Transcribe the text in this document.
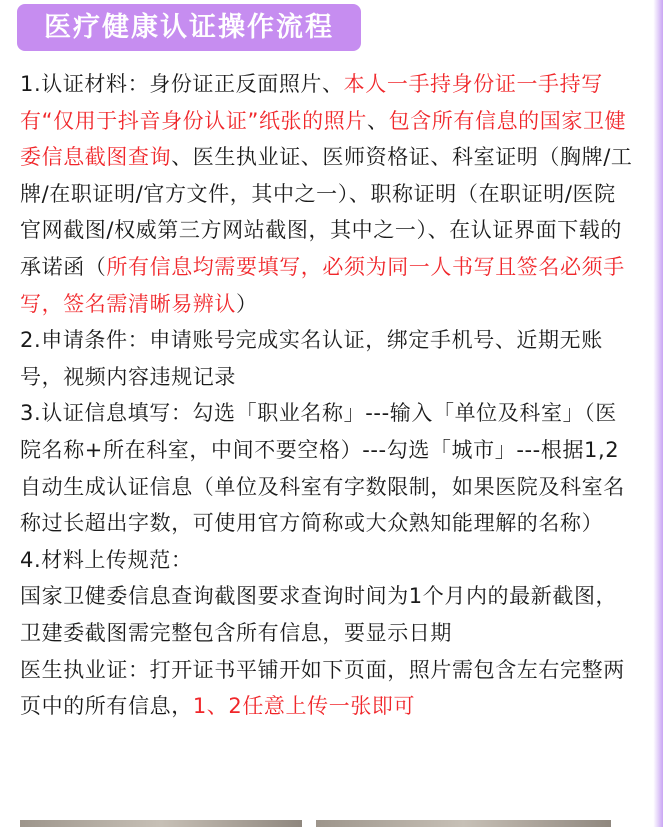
医疗健康认证操作流程

1.认证材料：身份证正反面照片、本人一手持身份证一手持写有“仅用于抖音身份认证”纸张的照片、包含所有信息的国家卫健委信息截图查询、医生执业证、医师资格证、科室证明（胸牌/工牌/在职证明/官方文件，其中之一）、职称证明（在职证明/医院官网截图/权威第三方网站截图，其中之一）、在认证界面下载的承诺函（所有信息均需要填写，必须为同一人书写且签名必须手写，签名需清晰易辨认）

2.申请条件：申请账号完成实名认证，绑定手机号、近期无账号，视频内容违规记录

3.认证信息填写：勾选「职业名称」---输入「单位及科室」（医院名称+所在科室，中间不要空格）---勾选「城市」---根据1,2自动生成认证信息（单位及科室有字数限制，如果医院及科室名称过长超出字数，可使用官方简称或大众熟知能理解的名称）

4.材料上传规范：

国家卫健委信息查询截图要求查询时间为1个月内的最新截图，卫建委截图需完整包含所有信息，要显示日期

医生执业证：打开证书平铺开如下页面，照片需包含左右完整两页中的所有信息，1、2任意上传一张即可
